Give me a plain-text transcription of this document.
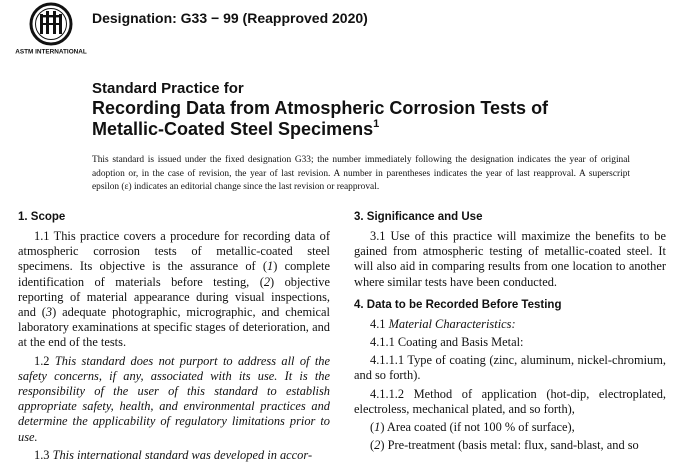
ASTM INTERNATIONAL
Designation: G33 − 99 (Reapproved 2020)
Standard Practice for
Recording Data from Atmospheric Corrosion Tests of
Metallic-Coated Steel Specimens$^1$
This standard is issued under the fixed designation G33; the number immediately following the designation indicates the year of original adoption or, in the case of revision, the year of last revision. A number in parentheses indicates the year of last reapproval. A superscript epsilon (ε) indicates an editorial change since the last revision or reapproval.
1. Scope

1.1 This practice covers a procedure for recording data of atmospheric corrosion tests of metallic-coated steel specimens. Its objective is the assurance of (1) complete identification of materials before testing, (2) objective reporting of material appearance during visual inspections, and (3) adequate photographic, micrographic, and chemical laboratory examinations at specific stages of deterioration, and at the end of the tests.

1.2 This standard does not purport to address all of the safety concerns, if any, associated with its use. It is the responsibility of the user of this standard to establish appropriate safety, health, and environmental practices and determine the applicability of regulatory limitations prior to use.

1.3 This international standard was developed in accor-

3. Significance and Use

3.1 Use of this practice will maximize the benefits to be gained from atmospheric testing of metallic-coated steel. It will also aid in comparing results from one location to another where similar tests have been conducted.

4. Data to be Recorded Before Testing

4.1 Material Characteristics:

4.1.1 Coating and Basis Metal:

4.1.1.1 Type of coating (zinc, aluminum, nickel-chromium, and so forth).

4.1.1.2 Method of application (hot-dip, electroplated, electroless, mechanical plated, and so forth),

(1) Area coated (if not 100 % of surface),

(2) Pre-treatment (basis metal: flux, sand-blast, and so
